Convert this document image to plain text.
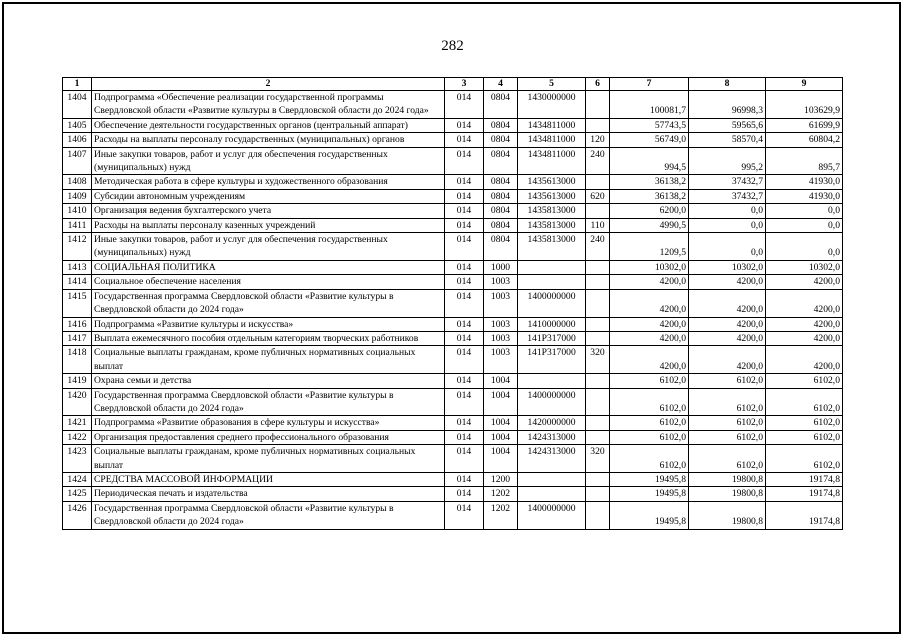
282
1	2	3	4	5	6	7	8	9
1404	Подпрограмма «Обеспечение реализации государственной программы Свердловской области «Развитие культуры в Свердловской области до 2024 года»	014	0804	1430000000		100081,7	96998,3	103629,9
1405	Обеспечение деятельности государственных органов (центральный аппарат)	014	0804	1434811000		57743,5	59565,6	61699,9
1406	Расходы на выплаты персоналу государственных (муниципальных) органов	014	0804	1434811000	120	56749,0	58570,4	60804,2
1407	Иные закупки товаров, работ и услуг для обеспечения государственных (муниципальных) нужд	014	0804	1434811000	240	994,5	995,2	895,7
1408	Методическая работа в сфере культуры и художественного образования	014	0804	1435613000		36138,2	37432,7	41930,0
1409	Субсидии автономным учреждениям	014	0804	1435613000	620	36138,2	37432,7	41930,0
1410	Организация ведения бухгалтерского учета	014	0804	1435813000		6200,0	0,0	0,0
1411	Расходы на выплаты персоналу казенных учреждений	014	0804	1435813000	110	4990,5	0,0	0,0
1412	Иные закупки товаров, работ и услуг для обеспечения государственных (муниципальных) нужд	014	0804	1435813000	240	1209,5	0,0	0,0
1413	СОЦИАЛЬНАЯ ПОЛИТИКА	014	1000			10302,0	10302,0	10302,0
1414	Социальное обеспечение населения	014	1003			4200,0	4200,0	4200,0
1415	Государственная программа Свердловской области «Развитие культуры в Свердловской области до 2024 года»	014	1003	1400000000		4200,0	4200,0	4200,0
1416	Подпрограмма «Развитие культуры и искусства»	014	1003	1410000000		4200,0	4200,0	4200,0
1417	Выплата ежемесячного пособия отдельным категориям творческих работников	014	1003	141P317000		4200,0	4200,0	4200,0
1418	Социальные выплаты гражданам, кроме публичных нормативных социальных выплат	014	1003	141P317000	320	4200,0	4200,0	4200,0
1419	Охрана семьи и детства	014	1004			6102,0	6102,0	6102,0
1420	Государственная программа Свердловской области «Развитие культуры в Свердловской области до 2024 года»	014	1004	1400000000		6102,0	6102,0	6102,0
1421	Подпрограмма «Развитие образования в сфере культуры и искусства»	014	1004	1420000000		6102,0	6102,0	6102,0
1422	Организация предоставления среднего профессионального образования	014	1004	1424313000		6102,0	6102,0	6102,0
1423	Социальные выплаты гражданам, кроме публичных нормативных социальных выплат	014	1004	1424313000	320	6102,0	6102,0	6102,0
1424	СРЕДСТВА МАССОВОЙ ИНФОРМАЦИИ	014	1200			19495,8	19800,8	19174,8
1425	Периодическая печать и издательства	014	1202			19495,8	19800,8	19174,8
1426	Государственная программа Свердловской области «Развитие культуры в Свердловской области до 2024 года»	014	1202	1400000000		19495,8	19800,8	19174,8
